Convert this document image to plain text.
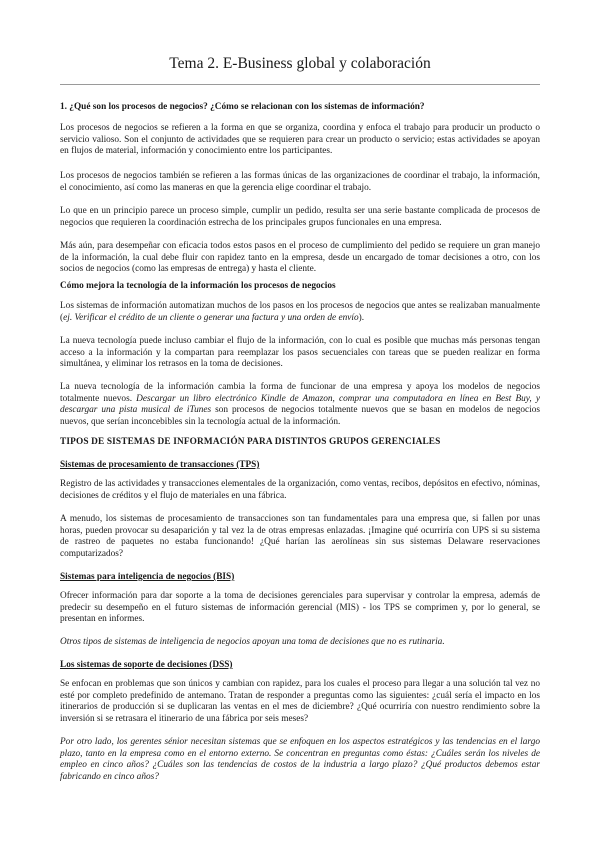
Tema 2. E-Business global y colaboración
1. ¿Qué son los procesos de negocios? ¿Cómo se relacionan con los sistemas de información?

Los procesos de negocios se refieren a la forma en que se organiza, coordina y enfoca el trabajo para producir un producto o servicio valioso. Son el conjunto de actividades que se requieren para crear un producto o servicio; estas actividades se apoyan en flujos de material, información y conocimiento entre los participantes.

Los procesos de negocios también se refieren a las formas únicas de las organizaciones de coordinar el trabajo, la información, el conocimiento, así como las maneras en que la gerencia elige coordinar el trabajo.

Lo que en un principio parece un proceso simple, cumplir un pedido, resulta ser una serie bastante complicada de procesos de negocios que requieren la coordinación estrecha de los principales grupos funcionales en una empresa.

Más aún, para desempeñar con eficacia todos estos pasos en el proceso de cumplimiento del pedido se requiere un gran manejo de la información, la cual debe fluir con rapidez tanto en la empresa, desde un encargado de tomar decisiones a otro, con los socios de negocios (como las empresas de entrega) y hasta el cliente.

Cómo mejora la tecnología de la información los procesos de negocios

Los sistemas de información automatizan muchos de los pasos en los procesos de negocios que antes se realizaban manualmente (ej. Verificar el crédito de un cliente o generar una factura y una orden de envío).

La nueva tecnología puede incluso cambiar el flujo de la información, con lo cual es posible que muchas más personas tengan acceso a la información y la compartan para reemplazar los pasos secuenciales con tareas que se pueden realizar en forma simultánea, y eliminar los retrasos en la toma de decisiones.

La nueva tecnología de la información cambia la forma de funcionar de una empresa y apoya los modelos de negocios totalmente nuevos. Descargar un libro electrónico Kindle de Amazon, comprar una computadora en línea en Best Buy, y descargar una pista musical de iTunes son procesos de negocios totalmente nuevos que se basan en modelos de negocios nuevos, que serían inconcebibles sin la tecnología actual de la información.

TIPOS DE SISTEMAS DE INFORMACIÓN PARA DISTINTOS GRUPOS GERENCIALES
Sistemas de procesamiento de transacciones (TPS)

Registro de las actividades y transacciones elementales de la organización, como ventas, recibos, depósitos en efectivo, nóminas, decisiones de créditos y el flujo de materiales en una fábrica.

A menudo, los sistemas de procesamiento de transacciones son tan fundamentales para una empresa que, si fallen por unas horas, pueden provocar su desaparición y tal vez la de otras empresas enlazadas. ¡Imagine qué ocurriría con UPS si su sistema de rastreo de paquetes no estaba funcionando! ¿Qué harían las aerolíneas sin sus sistemas Delaware reservaciones computarizados?

Sistemas para inteligencia de negocios (BIS)

Ofrecer información para dar soporte a la toma de decisiones gerenciales para supervisar y controlar la empresa, además de predecir su desempeño en el futuro sistemas de información gerencial (MIS) - los TPS se comprimen y, por lo general, se presentan en informes.

Otros tipos de sistemas de inteligencia de negocios apoyan una toma de decisiones que no es rutinaria.

Los sistemas de soporte de decisiones (DSS)

Se enfocan en problemas que son únicos y cambian con rapidez, para los cuales el proceso para llegar a una solución tal vez no esté por completo predefinido de antemano. Tratan de responder a preguntas como las siguientes: ¿cuál sería el impacto en los itinerarios de producción si se duplicaran las ventas en el mes de diciembre? ¿Qué ocurriría con nuestro rendimiento sobre la inversión si se retrasara el itinerario de una fábrica por seis meses?

Por otro lado, los gerentes sénior necesitan sistemas que se enfoquen en los aspectos estratégicos y las tendencias en el largo plazo, tanto en la empresa como en el entorno externo. Se concentran en preguntas como éstas: ¿Cuáles serán los niveles de empleo en cinco años? ¿Cuáles son las tendencias de costos de la industria a largo plazo? ¿Qué productos debemos estar fabricando en cinco años?
